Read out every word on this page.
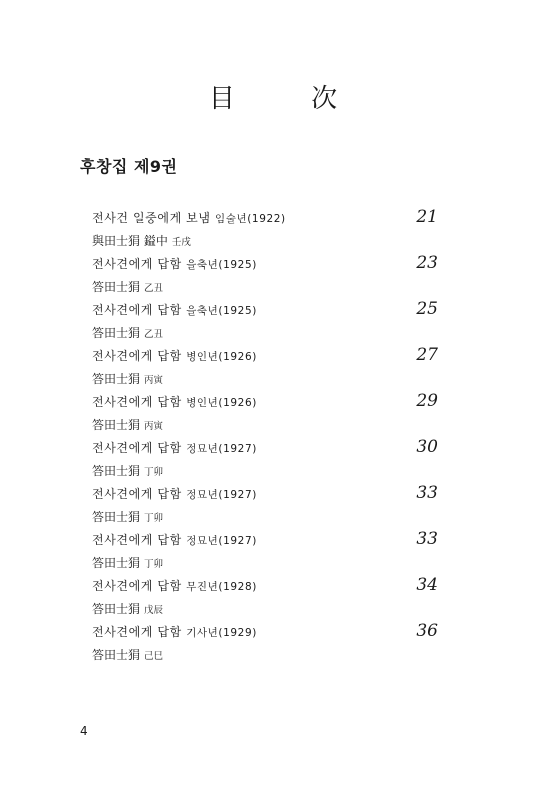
目 次
후창집 제9권
전사건 일중에게 보냄 임술년(1922)	21
與田士狷 鎰中 壬戌
전사견에게 답함 을축년(1925)	23
答田士狷 乙丑
전사견에게 답함 을축년(1925)	25
答田士狷 乙丑
전사견에게 답함 병인년(1926)	27
答田士狷 丙寅
전사견에게 답함 병인년(1926)	29
答田士狷 丙寅
전사견에게 답함 정묘년(1927)	30
答田士狷 丁卯
전사견에게 답함 정묘년(1927)	33
答田士狷 丁卯
전사견에게 답함 정묘년(1927)	33
答田士狷 丁卯
전사견에게 답함 무진년(1928)	34
答田士狷 戊辰
전사견에게 답함 기사년(1929)	36
答田士狷 己巳
4
